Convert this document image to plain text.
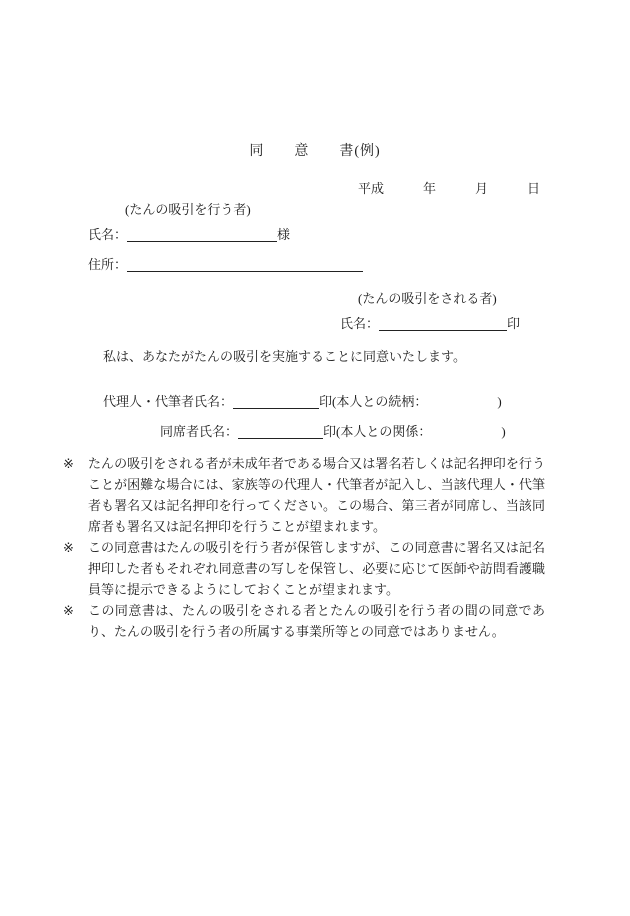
同　　意　　書(例)
平成　　　年　　　月　　　日
(たんの吸引を行う者)
氏名：	様
住所：
(たんの吸引をされる者)
氏名：	印
私は、あなたがたんの吸引を実施することに同意いたします。
代理人・代筆者氏名：	印(本人との続柄：	)
同席者氏名：	印(本人との関係：	)
※	たんの吸引をされる者が未成年者である場合又は署名若しくは記名押印を行うことが困難な場合には、家族等の代理人・代筆者が記入し、当該代理人・代筆者も署名又は記名押印を行ってください。この場合、第三者が同席し、当該同席者も署名又は記名押印を行うことが望まれます。
※	この同意書はたんの吸引を行う者が保管しますが、この同意書に署名又は記名押印した者もそれぞれ同意書の写しを保管し、必要に応じて医師や訪問看護職員等に提示できるようにしておくことが望まれます。
※	この同意書は、たんの吸引をされる者とたんの吸引を行う者の間の同意であり、たんの吸引を行う者の所属する事業所等との同意ではありません。
